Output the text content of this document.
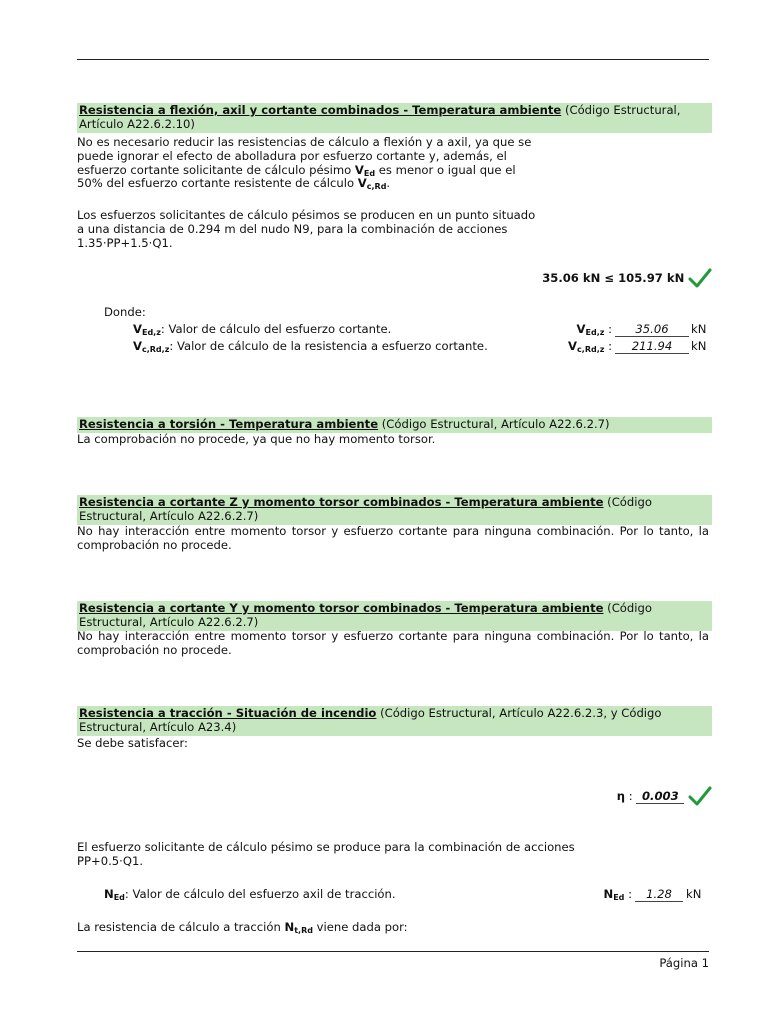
Resistencia a flexión, axil y cortante combinados - Temperatura ambiente (Código Estructural, Artículo A22.6.2.10)
No es necesario reducir las resistencias de cálculo a flexión y a axil, ya que se puede ignorar el efecto de abolladura por esfuerzo cortante y, además, el esfuerzo cortante solicitante de cálculo pésimo $V_{Ed}$ es menor o igual que el 50% del esfuerzo cortante resistente de cálculo $V_{c,Rd}$.
Los esfuerzos solicitantes de cálculo pésimos se producen en un punto situado a una distancia de 0.294 m del nudo N9, para la combinación de acciones 1.35·PP+1.5·Q1.
35.06 kN ≤ 105.97 kN
Donde:
$V_{Ed,z}$: Valor de cálculo del esfuerzo cortante.	$V_{Ed,z}$ :	35.06	kN
$V_{c,Rd,z}$: Valor de cálculo de la resistencia a esfuerzo cortante.	$V_{c,Rd,z}$ :	211.94	kN
Resistencia a torsión - Temperatura ambiente (Código Estructural, Artículo A22.6.2.7)
La comprobación no procede, ya que no hay momento torsor.
Resistencia a cortante Z y momento torsor combinados - Temperatura ambiente (Código Estructural, Artículo A22.6.2.7)
No hay interacción entre momento torsor y esfuerzo cortante para ninguna combinación. Por lo tanto, la comprobación no procede.
Resistencia a cortante Y y momento torsor combinados - Temperatura ambiente (Código Estructural, Artículo A22.6.2.7)
No hay interacción entre momento torsor y esfuerzo cortante para ninguna combinación. Por lo tanto, la comprobación no procede.
Resistencia a tracción - Situación de incendio (Código Estructural, Artículo A22.6.2.3, y Código Estructural, Artículo A23.4)
Se debe satisfacer:
η : 0.003
El esfuerzo solicitante de cálculo pésimo se produce para la combinación de acciones PP+0.5·Q1.
$N_{Ed}$: Valor de cálculo del esfuerzo axil de tracción.	$N_{Ed}$ :	1.28	kN
La resistencia de cálculo a tracción $N_{t,Rd}$ viene dada por:
Página 1
